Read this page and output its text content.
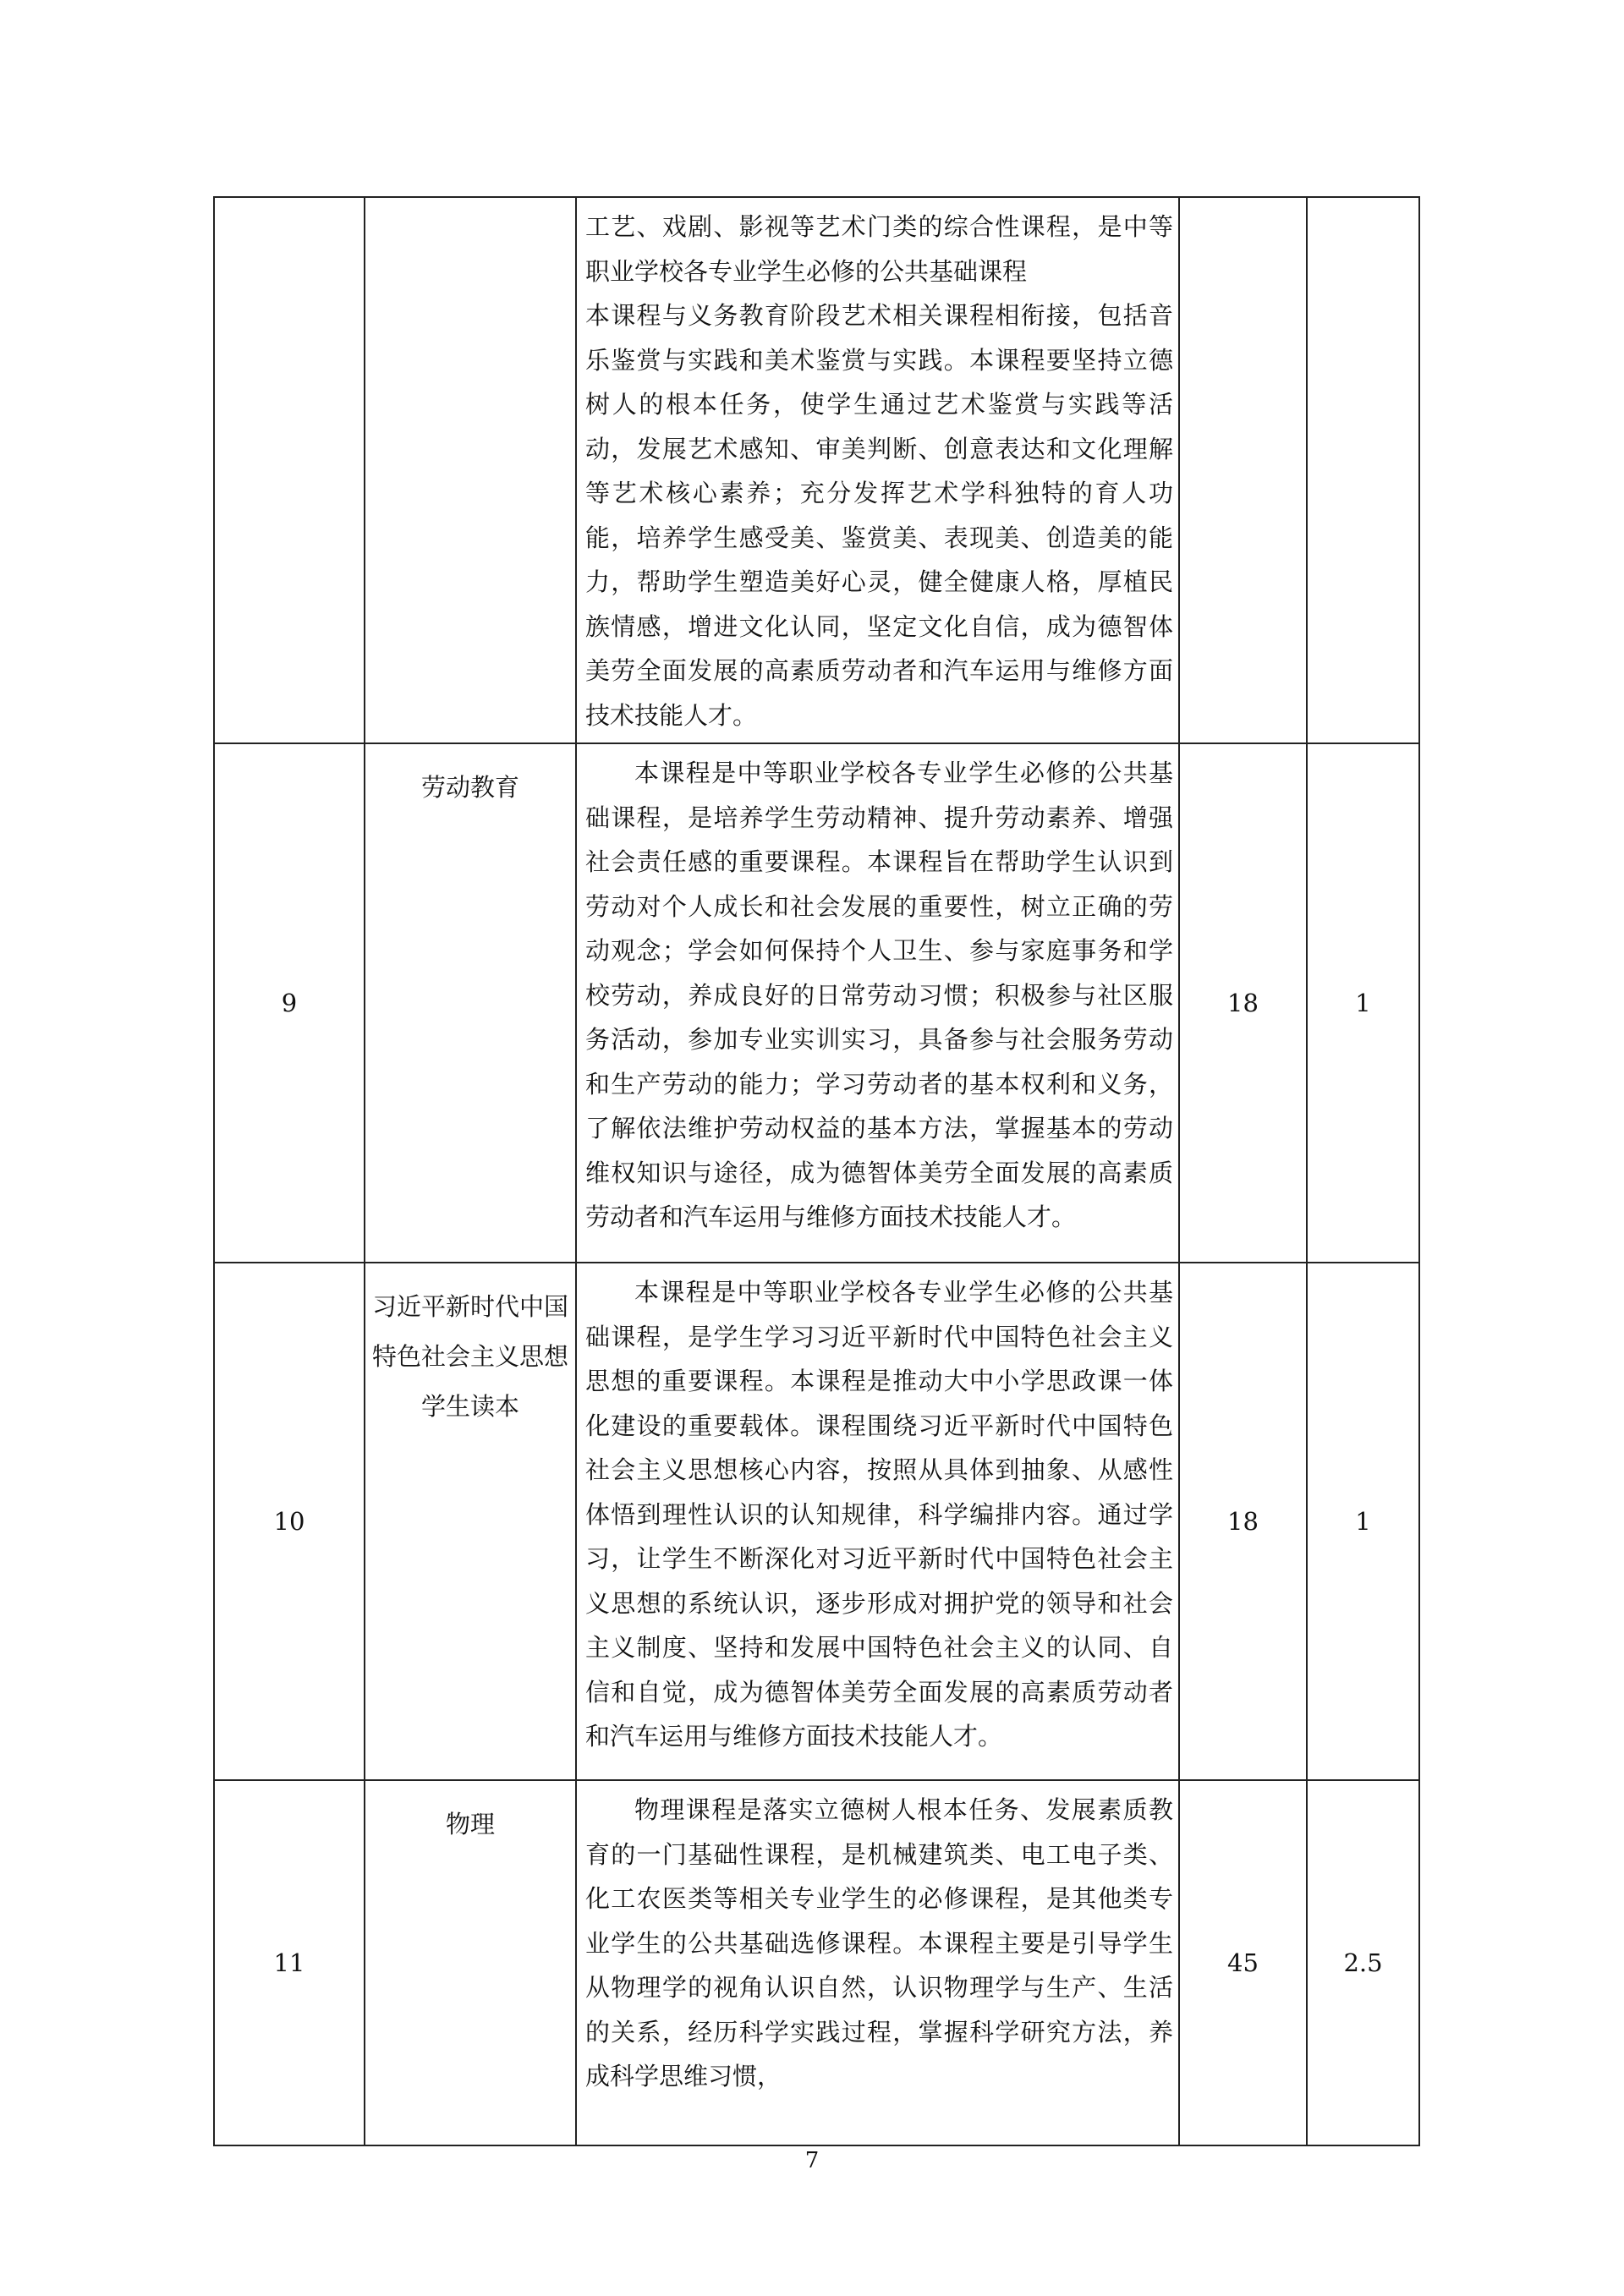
		工艺、戏剧、影视等艺术门类的综合性课程，是中等职业学校各专业学生必修的公共基础课程

本课程与义务教育阶段艺术相关课程相衔接，包括音乐鉴赏与实践和美术鉴赏与实践。本课程要坚持立德树人的根本任务，使学生通过艺术鉴赏与实践等活动，发展艺术感知、审美判断、创意表达和文化理解等艺术核心素养；充分发挥艺术学科独特的育人功能，培养学生感受美、鉴赏美、表现美、创造美的能力，帮助学生塑造美好心灵，健全健康人格，厚植民族情感，增进文化认同，坚定文化自信，成为德智体美劳全面发展的高素质劳动者和汽车运用与维修方面技术技能人才。		

9	劳动教育	本课程是中等职业学校各专业学生必修的公共基础课程，是培养学生劳动精神、提升劳动素养、增强社会责任感的重要课程。本课程旨在帮助学生认识到劳动对个人成长和社会发展的重要性，树立正确的劳动观念；学会如何保持个人卫生、参与家庭事务和学校劳动，养成良好的日常劳动习惯；积极参与社区服务活动，参加专业实训实习，具备参与社会服务劳动和生产劳动的能力；学习劳动者的基本权利和义务，了解依法维护劳动权益的基本方法，掌握基本的劳动维权知识与途径，成为德智体美劳全面发展的高素质劳动者和汽车运用与维修方面技术技能人才。	18	1
10	习近平新时代中国特色社会主义思想学生读本	本课程是中等职业学校各专业学生必修的公共基础课程，是学生学习习近平新时代中国特色社会主义思想的重要课程。本课程是推动大中小学思政课一体化建设的重要载体。课程围绕习近平新时代中国特色社会主义思想核心内容，按照从具体到抽象、从感性体悟到理性认识的认知规律，科学编排内容。通过学习，让学生不断深化对习近平新时代中国特色社会主义思想的系统认识，逐步形成对拥护党的领导和社会主义制度、坚持和发展中国特色社会主义的认同、自信和自觉，成为德智体美劳全面发展的高素质劳动者和汽车运用与维修方面技术技能人才。	18	1
11	物理	物理课程是落实立德树人根本任务、发展素质教育的一门基础性课程，是机械建筑类、电工电子类、化工农医类等相关专业学生的必修课程，是其他类专业学生的公共基础选修课程。本课程主要是引导学生从物理学的视角认识自然，认识物理学与生产、生活的关系，经历科学实践过程，掌握科学研究方法，养成科学思维习惯，	45	2.5
7
